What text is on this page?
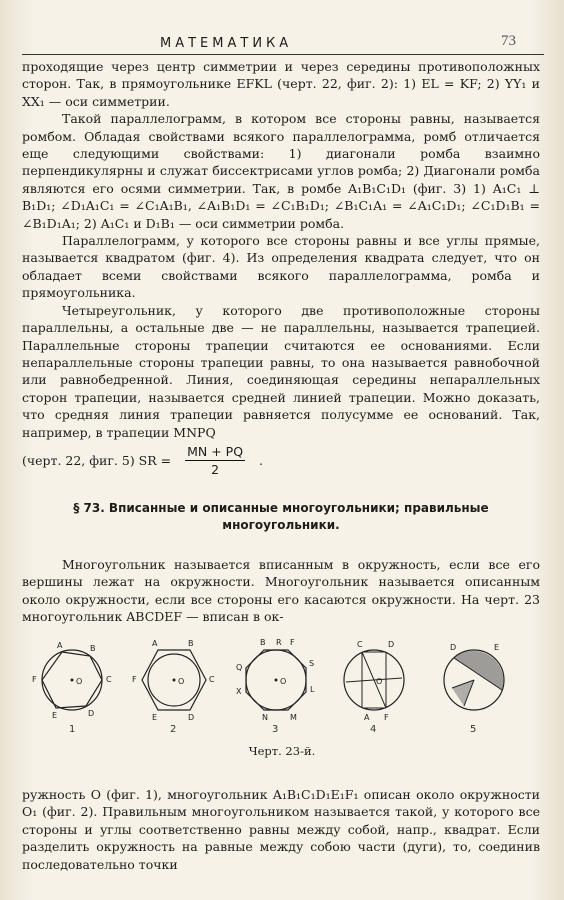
МАТЕМАТИКА	73

проходящие через центр симметрии и через середины противоположных сторон. Так, в прямоугольнике EFKL (черт. 22, фиг. 2): 1) EL = KF; 2) YY₁ и XX₁ — оси симметрии.

Такой параллелограмм, в котором все стороны равны, называется ромбом. Обладая свойствами всякого параллелограмма, ромб отличается еще следующими свойствами: 1) диагонали ромба взаимно перпендикулярны и служат биссектрисами углов ромба; 2) Диагонали ромба являются его осями симметрии. Так, в ромбе A₁B₁C₁D₁ (фиг. 3) 1) A₁C₁ ⊥ B₁D₁; ∠D₁A₁C₁ = ∠C₁A₁B₁, ∠A₁B₁D₁ = ∠C₁B₁D₁; ∠B₁C₁A₁ = ∠A₁C₁D₁; ∠C₁D₁B₁ = ∠B₁D₁A₁; 2) A₁C₁ и D₁B₁ — оси симметрии ромба.

Параллелограмм, у которого все стороны равны и все углы прямые, называется квадратом (фиг. 4). Из определения квадрата следует, что он обладает всеми свойствами всякого параллелограмма, ромба и прямоугольника.

Четыреугольник, у которого две противоположные стороны параллельны, а остальные две — не параллельны, называется трапецией. Параллельные стороны трапеции считаются ее основаниями. Если непараллельные стороны трапеции равны, то она называется равнобочной или равнобедренной. Линия, соединяющая середины непараллельных сторон трапеции, называется средней линией трапеции. Можно доказать, что средняя линия трапеции равняется полусумме ее оснований. Так, например, в трапеции MNPQ

(черт. 22, фиг. 5) SR = $\frac{MN + PQ}{2}$ .
§ 73. Вписанные и описанные многоугольники; правильные
многоугольники.

Многоугольник называется вписанным в окружность, если все его вершины лежат на окружности. Многоугольник называется описанным около окружности, если все стороны его касаются окружности. На черт. 23 многоугольник ABCDEF — вписан в ок-

O
A	B
C
D
E
F	O
A	B
C
D
E
F	O
B R F
S
L
Q
X
N	M
C	D
A F
O
D	E
1	2	3	4	5
Черт. 23-й.

ружность O (фиг. 1), многоугольник A₁B₁C₁D₁E₁F₁ описан около окружности O₁ (фиг. 2). Правильным многоугольником называется такой, у которого все стороны и углы соответственно равны между собой, напр., квадрат. Если разделить окружность на равные между собою части (дуги), то, соединив последовательно точки
